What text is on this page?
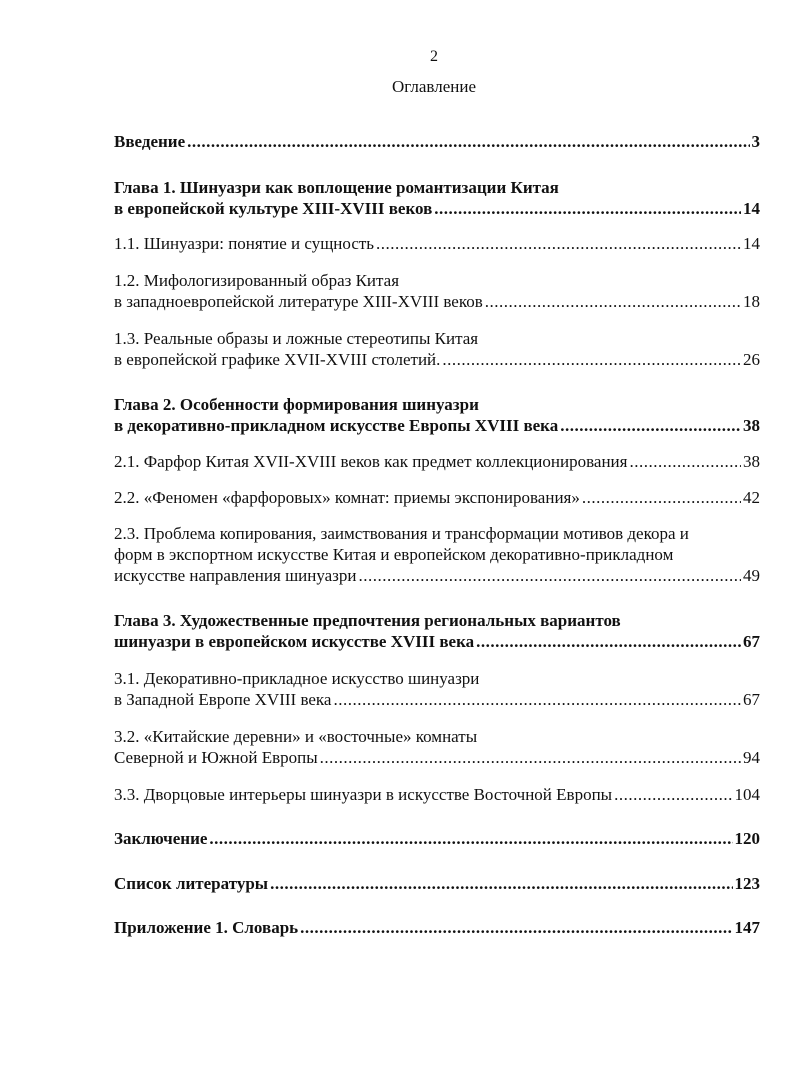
2
Оглавление
Введение .....	3
Глава 1. Шинуазри как воплощение романтизации Китая
в европейской культуре XIII-XVIII веков .....	14
1.1. Шинуазри: понятие и сущность .....	14
1.2. Мифологизированный образ Китая
в западноевропейской литературе XIII-XVIII веков .....	18
1.3. Реальные образы и ложные стереотипы Китая
в европейской графике XVII-XVIII столетий. .....	26
Глава 2. Особенности формирования шинуазри
в декоративно-прикладном искусстве Европы XVIII века .....	38
2.1. Фарфор Китая XVII-XVIII веков как предмет коллекционирования .....	38
2.2. «Феномен «фарфоровых» комнат: приемы экспонирования» .....	42
2.3. Проблема копирования, заимствования и трансформации мотивов декора и
форм в экспортном искусстве Китая и европейском декоративно-прикладном
искусстве направления шинуазри .....	49
Глава 3. Художественные предпочтения региональных вариантов
шинуазри в европейском искусстве XVIII века .....	67
3.1. Декоративно-прикладное искусство шинуазри
в Западной Европе XVIII века .....	67
3.2. «Китайские деревни» и «восточные» комнаты
Северной и Южной Европы .....	94
3.3. Дворцовые интерьеры шинуазри в искусстве Восточной Европы .....	104
Заключение .....	120
Список литературы .....	123
Приложение 1. Словарь .....	147
